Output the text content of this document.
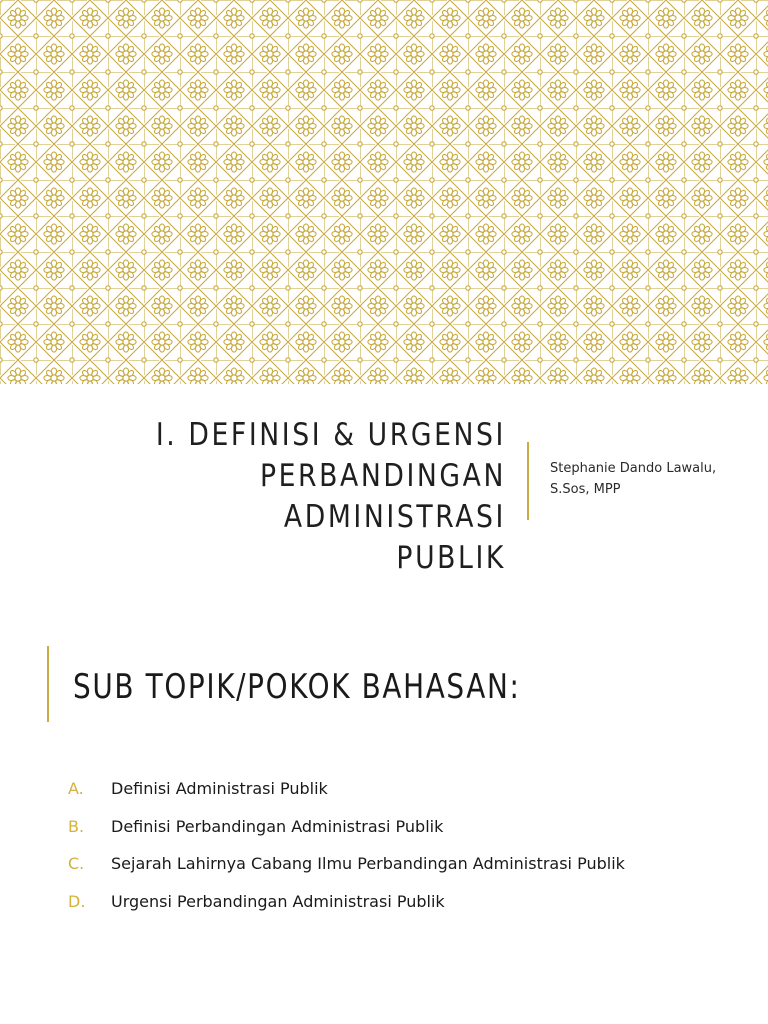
I. DEFINISI & URGENSI
PERBANDINGAN ADMINISTRASI
PUBLIK
Stephanie Dando Lawalu,
S.Sos, MPP
SUB TOPIK/POKOK BAHASAN:
A.	Definisi Administrasi Publik
B.	Definisi Perbandingan Administrasi Publik
C.	Sejarah Lahirnya Cabang Ilmu Perbandingan Administrasi Publik
D.	Urgensi Perbandingan Administrasi Publik
